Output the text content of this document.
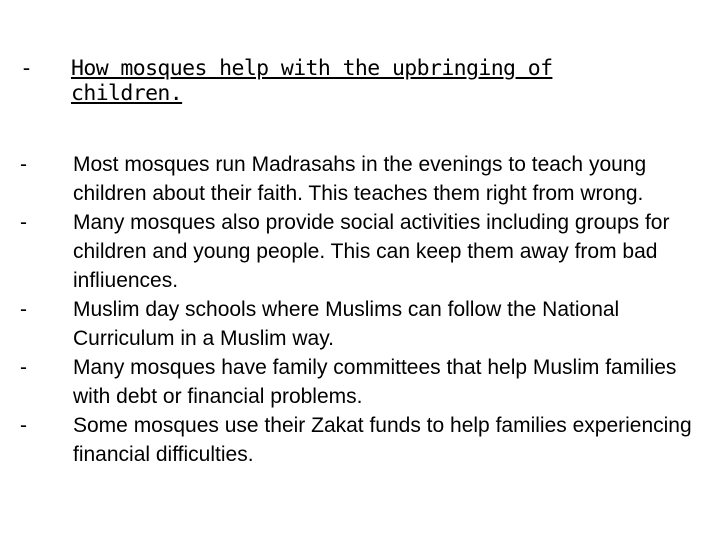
- How mosques help with the upbringing of children.
- Most mosques run Madrasahs in the evenings to teach young children about their faith. This teaches them right from wrong.
- Many mosques also provide social activities including groups for children and young people. This can keep them away from bad infliuences.
- Muslim day schools where Muslims can follow the National Curriculum in a Muslim way.
- Many mosques have family committees that help Muslim families with debt or financial problems.
- Some mosques use their Zakat funds to help families experiencing financial difficulties.
